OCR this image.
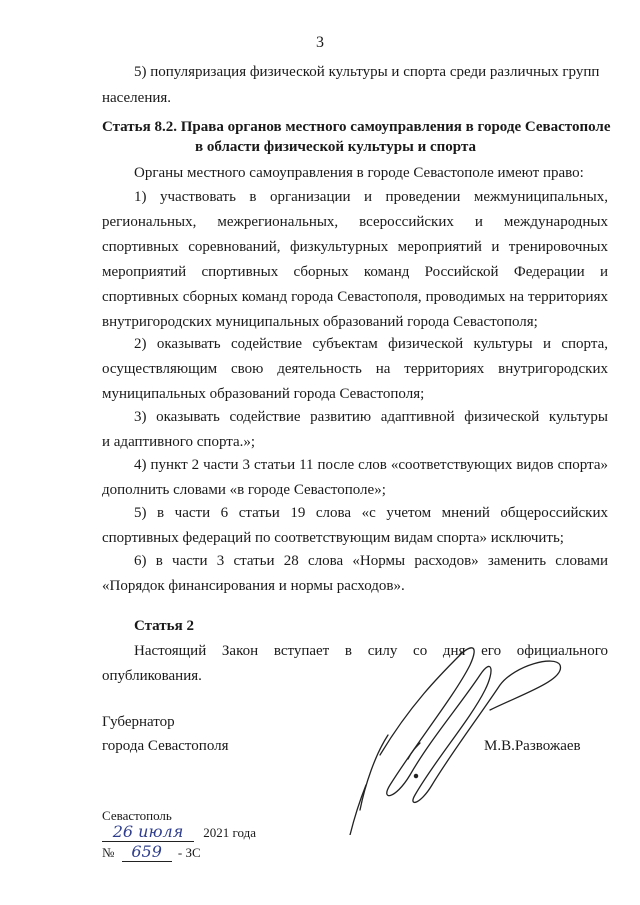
3
5) популяризация физической культуры и спорта среди различных групп
населения.
Статья 8.2. Права органов местного самоуправления в городе Севастополе
в области физической культуры и спорта
Органы местного самоуправления в городе Севастополе имеют право:
1) участвовать в организации и проведении межмуниципальных,
региональных, межрегиональных, всероссийских и международных
спортивных соревнований, физкультурных мероприятий и тренировочных
мероприятий спортивных сборных команд Российской Федерации и
спортивных сборных команд города Севастополя, проводимых на территориях
внутригородских муниципальных образований города Севастополя;
2) оказывать содействие субъектам физической культуры и спорта,
осуществляющим свою деятельность на территориях внутригородских
муниципальных образований города Севастополя;
3) оказывать содействие развитию адаптивной физической культуры
и адаптивного спорта.»;
4) пункт 2 части 3 статьи 11 после слов «соответствующих видов спорта»
дополнить словами «в городе Севастополе»;
5) в части 6 статьи 19 слова «с учетом мнений общероссийских
спортивных федераций по соответствующим видам спорта» исключить;
6) в части 3 статьи 28 слова «Нормы расходов» заменить словами
«Порядок финансирования и нормы расходов».
Статья 2
Настоящий Закон вступает в силу со дня его официального
опубликования.
Губернатор
города Севастополя	М.В.Развожаев
Севастополь
26 июля 2021 года
№ 659 - ЗС
